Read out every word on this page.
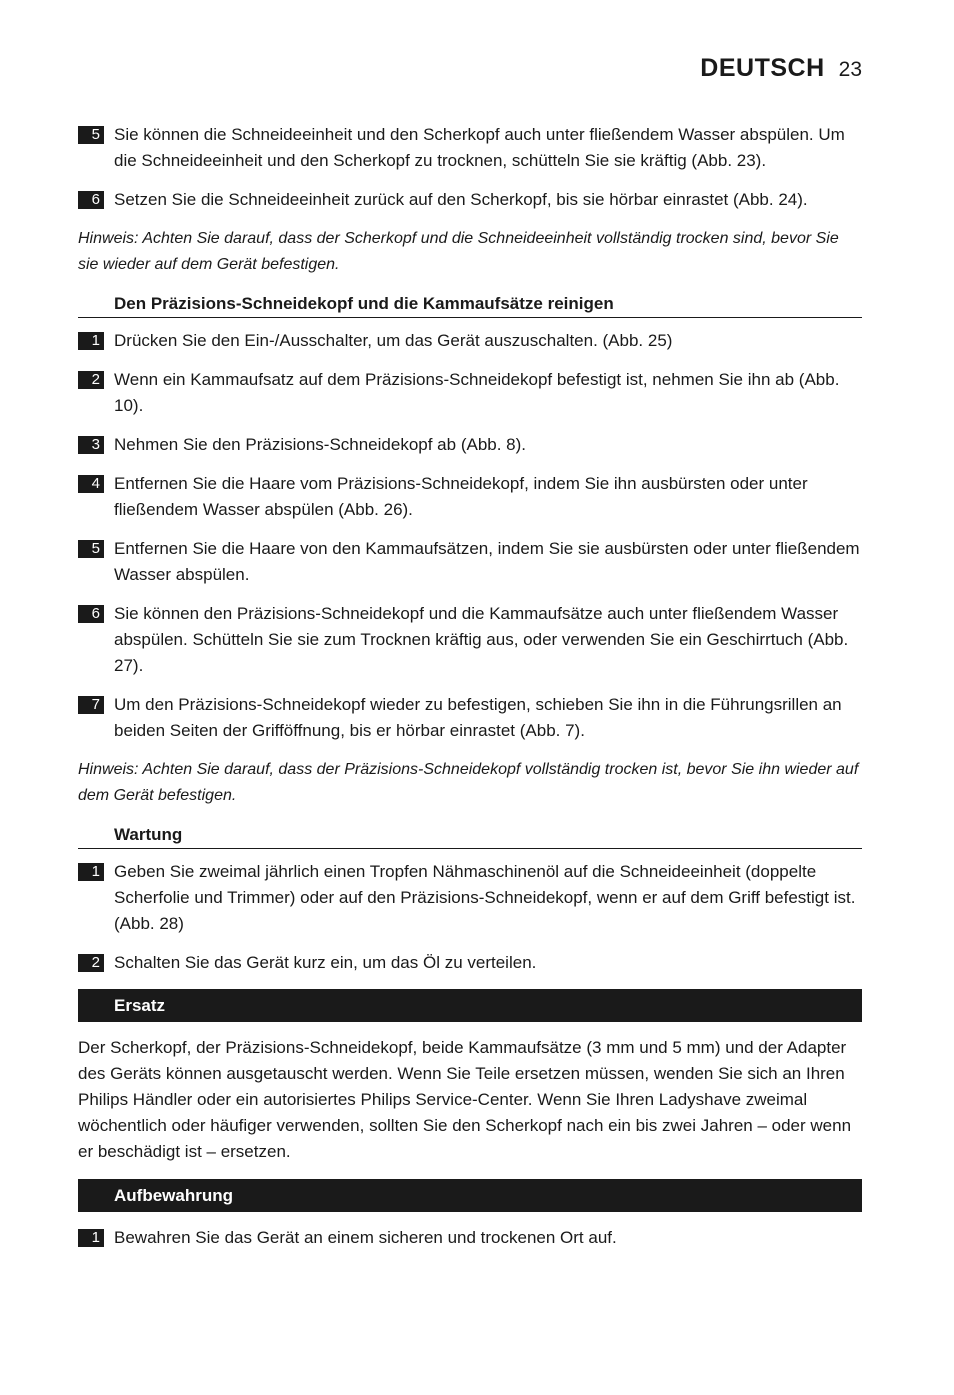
DEUTSCH 23
5 Sie können die Schneideeinheit und den Scherkopf auch unter fließendem Wasser abspülen. Um die Schneideeinheit und den Scherkopf zu trocknen, schütteln Sie sie kräftig (Abb. 23).
6 Setzen Sie die Schneideeinheit zurück auf den Scherkopf, bis sie hörbar einrastet (Abb. 24).

Hinweis: Achten Sie darauf, dass der Scherkopf und die Schneideeinheit vollständig trocken sind, bevor Sie sie wieder auf dem Gerät befestigen.

Den Präzisions-Schneidekopf und die Kammaufsätze reinigen
1 Drücken Sie den Ein-/Ausschalter, um das Gerät auszuschalten. (Abb. 25)
2 Wenn ein Kammaufsatz auf dem Präzisions-Schneidekopf befestigt ist, nehmen Sie ihn ab (Abb. 10).
3 Nehmen Sie den Präzisions-Schneidekopf ab (Abb. 8).
4 Entfernen Sie die Haare vom Präzisions-Schneidekopf, indem Sie ihn ausbürsten oder unter fließendem Wasser abspülen (Abb. 26).
5 Entfernen Sie die Haare von den Kammaufsätzen, indem Sie sie ausbürsten oder unter fließendem Wasser abspülen.
6 Sie können den Präzisions-Schneidekopf und die Kammaufsätze auch unter fließendem Wasser abspülen. Schütteln Sie sie zum Trocknen kräftig aus, oder verwenden Sie ein Geschirrtuch (Abb. 27).
7 Um den Präzisions-Schneidekopf wieder zu befestigen, schieben Sie ihn in die Führungsrillen an beiden Seiten der Grifföffnung, bis er hörbar einrastet (Abb. 7).

Hinweis: Achten Sie darauf, dass der Präzisions-Schneidekopf vollständig trocken ist, bevor Sie ihn wieder auf dem Gerät befestigen.

Wartung
1 Geben Sie zweimal jährlich einen Tropfen Nähmaschinenöl auf die Schneideeinheit (doppelte Scherfolie und Trimmer) oder auf den Präzisions-Schneidekopf, wenn er auf dem Griff befestigt ist. (Abb. 28)
2 Schalten Sie das Gerät kurz ein, um das Öl zu verteilen.
Ersatz

Der Scherkopf, der Präzisions-Schneidekopf, beide Kammaufsätze (3 mm und 5 mm) und der Adapter des Geräts können ausgetauscht werden. Wenn Sie Teile ersetzen müssen, wenden Sie sich an Ihren Philips Händler oder ein autorisiertes Philips Service-Center. Wenn Sie Ihren Ladyshave zweimal wöchentlich oder häufiger verwenden, sollten Sie den Scherkopf nach ein bis zwei Jahren – oder wenn er beschädigt ist – ersetzen.

Aufbewahrung
1 Bewahren Sie das Gerät an einem sicheren und trockenen Ort auf.
